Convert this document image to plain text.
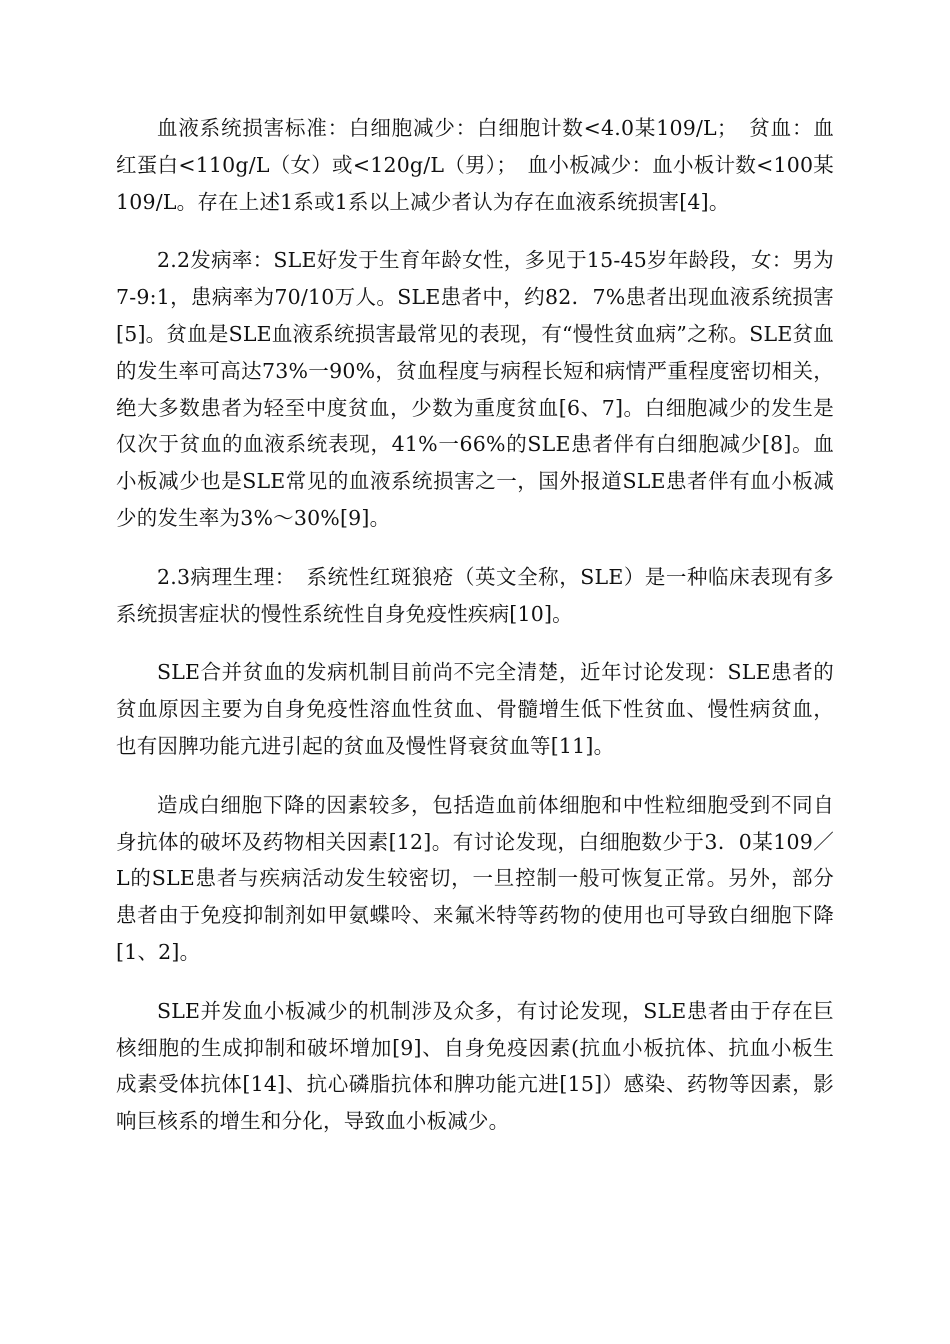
血液系统损害标准：白细胞减少：白细胞计数<4.0某109/L；　贫血：血红蛋白<110g/L（女）或<120g/L（男）；　血小板减少：血小板计数<100某109/L。存在上述1系或1系以上减少者认为存在血液系统损害[4]。

2.2发病率：SLE好发于生育年龄女性，多见于15-45岁年龄段，女：男为7-9:1，患病率为70/10万人。SLE患者中，约82．7%患者出现血液系统损害[5]。贫血是SLE血液系统损害最常见的表现，有“慢性贫血病”之称。SLE贫血的发生率可高达73%一90%，贫血程度与病程长短和病情严重程度密切相关，绝大多数患者为轻至中度贫血，少数为重度贫血[6、7]。白细胞减少的发生是仅次于贫血的血液系统表现，41%一66%的SLE患者伴有白细胞减少[8]。血小板减少也是SLE常见的血液系统损害之一，国外报道SLE患者伴有血小板减少的发生率为3%～30%[9]。

2.3病理生理：　系统性红斑狼疮（英文全称，SLE）是一种临床表现有多系统损害症状的慢性系统性自身免疫性疾病[10]。

SLE合并贫血的发病机制目前尚不完全清楚，近年讨论发现：SLE患者的贫血原因主要为自身免疫性溶血性贫血、骨髓增生低下性贫血、慢性病贫血，也有因脾功能亢进引起的贫血及慢性肾衰贫血等[11]。

造成白细胞下降的因素较多，包括造血前体细胞和中性粒细胞受到不同自身抗体的破坏及药物相关因素[12]。有讨论发现，白细胞数少于3．0某109／L的SLE患者与疾病活动发生较密切，一旦控制一般可恢复正常。另外，部分患者由于免疫抑制剂如甲氨蝶呤、来氟米特等药物的使用也可导致白细胞下降[1、2]。

SLE并发血小板减少的机制涉及众多，有讨论发现，SLE患者由于存在巨核细胞的生成抑制和破坏增加[9]、自身免疫因素(抗血小板抗体、抗血小板生成素受体抗体[14]、抗心磷脂抗体和脾功能亢进[15]）感染、药物等因素，影响巨核系的增生和分化，导致血小板减少。
